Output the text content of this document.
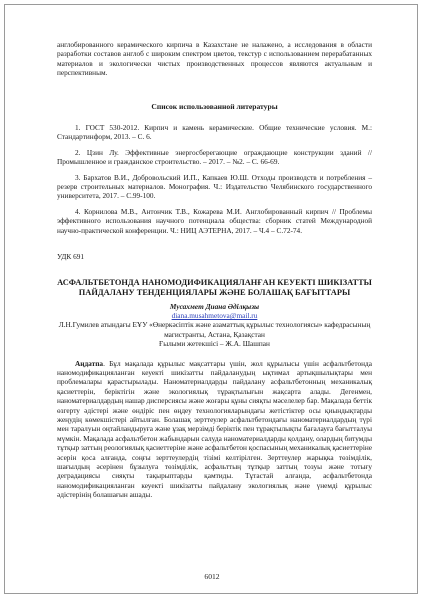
англобированного керамического кирпича в Казахстане не налажено, а исследования в области разработки составов англоб с широким спектром цветов, текстур с использованием перерабатанных материалов и экологически чистых производственных процессов являются актуальным и перспективным.

Список использованной литературы

1. ГОСТ 530-2012. Кирпич и камень керамические. Общие технические условия. М.: Стандартинформ, 2013. – С. 6.

2. Цзин Лу. Эффективные энергосберегающие ограждающие конструкции зданий // Промышленное и гражданское строительство. – 2017. – №2. – С. 66-69.

3. Бархатов В.И., Добровольский И.П., Капкаев Ю.Ш. Отходы производств и потребления – резерв строительных материалов. Монография. Ч.: Издательство Челябинского государственного университета, 2017. – С.99-100.

4. Корнилова М.В., Антончик Т.В., Кожарева М.И. Англобированный кирпич // Проблемы эффективного использования научного потенциала общества: сборник статей Международной научно-практической конференции. Ч.: НИЦ АЭТЕРНА, 2017. – Ч.4 – С.72-74.

УДК 691

АСФАЛЬТБЕТОНДА НАНОМОДИФИКАЦИЯЛАНҒАН КЕУЕКТІ ШИКІЗАТТЫ ПАЙДАЛАНУ ТЕНДЕНЦИЯЛАРЫ ЖӘНЕ БОЛАШАҚ БАҒЫТТАРЫ

Мусахмет Диана Әділқызы

diana.musahmetova@mail.ru

Л.Н.Гумилев атындағы ЕҰУ «Өнеркәсіптік және азаматтық құрылыс технологиясы» кафедрасының магистранты, Астана, Қазақстан

Ғылыми жетекшісі – Ж.А. Шашпан

Аңдатпа. Бұл мақалада құрылыс мақсаттары үшін, жол құрылысы үшін асфальтбетонда наномодификацияланған кеуекті шикізатты пайдаланудың ықтимал артықшылықтары мен проблемалары қарастырылады. Наноматериалдарды пайдалану асфальтбетонның механикалық қасиеттерін, беріктігін және экологиялық тұрақтылығын жақсарта алады. Дегенмен, наноматериалдардың нашар дисперсиясы және жоғары құны сияқты мәселелер бар. Мақалада беттік өзгерту әдістері және өндіріс пен өңдеу технологияларындағы жетістіктер осы қиындықтарды жеңудің көмекшістері айтылған. Болашақ зерттеулер асфальтбетондағы наноматериалдардың түрі мен таралуын оңтайландыруға және ұзақ мерзімді беріктік пен тұрақтылықты бағалауға бағытталуы мүмкін. Мақалада асфальтбетон жабындарын салуда наноматериалдарды қолдану, олардың битумды тұтқыр заттың реологиялық қасиеттеріне және асфальтбетон қоспасының механикалық қасиеттеріне әсерін қоса алғанда, соңғы зерттеулердің тізімі келтірілген. Зерттеулер жарықка төзімділік, шағылдың әсерінен бұзылуға төзімділік, асфальттың тұтқыр заттың тозуы және тотығу деградациясы сияқты тақырыптарды қамтиды. Тұтастай алғанда, асфальтбетонда наномодификацияланған кеуекті шикізатты пайдалану экологиялық және үнемді құрылыс әдістерінің болашағын ашады.

6012
